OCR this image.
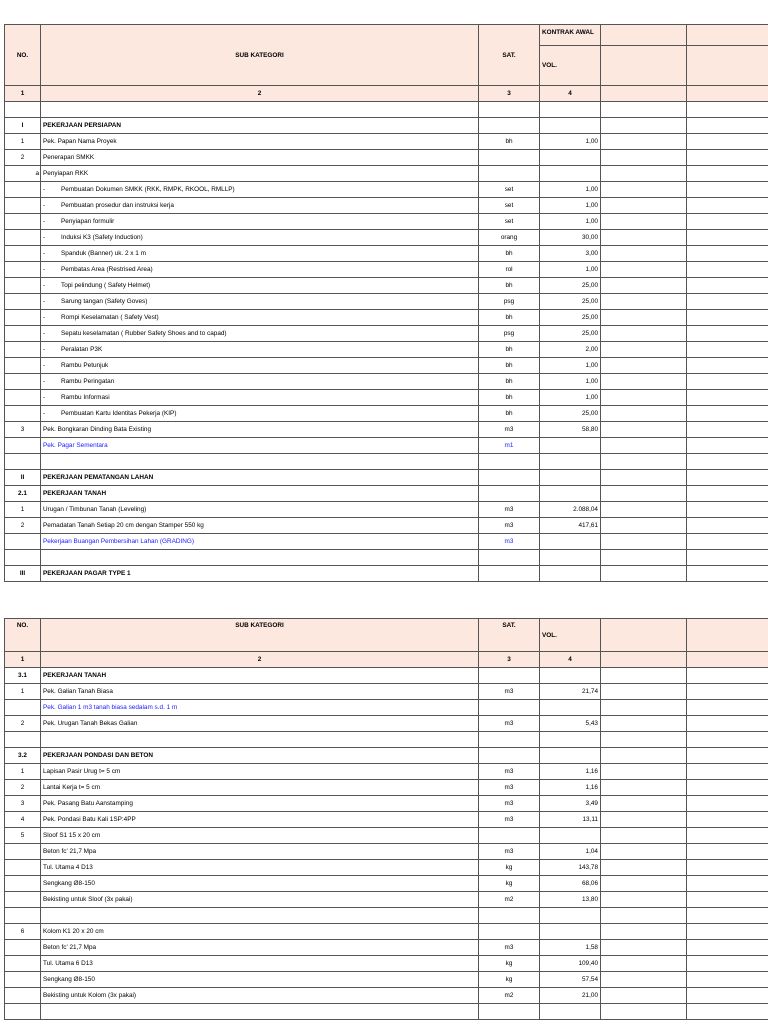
NO.	SUB KATEGORI	SAT.	KONTRAK AWAL		
			VOL.		
1	2	3	4		

I	PEKERJAAN PERSIAPAN				
1	Pek. Papan Nama Proyek	bh	1,00		
2	Penerapan SMKK				
a	Penyiapan RKK				
	- Pembuatan Dokumen SMKK (RKK, RMPK, RKOOL, RMLLP)	set	1,00		
	- Pembuatan prosedur dan instruksi kerja	set	1,00		
	- Penyiapan formulir	set	1,00		
	- Induksi K3 (Safety Induction)	orang	30,00		
	- Spanduk (Banner) uk. 2 x 1 m	bh	3,00		
	- Pembatas Area (Restrised Area)	rol	1,00		
	- Topi pelindung ( Safety Helmet)	bh	25,00		
	- Sarung tangan (Safety Goves)	psg	25,00		
	- Rompi Keselamatan ( Safety Vest)	bh	25,00		
	- Sepatu keselamatan ( Rubber Safety Shoes and to capad)	psg	25,00		
	- Peralatan P3K	bh	2,00		
	- Rambu Petunjuk	bh	1,00		
	- Rambu Peringatan	bh	1,00		
	- Rambu Informasi	bh	1,00		
	- Pembuatan Kartu Identitas Pekerja (KIP)	bh	25,00		
3	Pek. Bongkaran Dinding Bata Existing	m3	58,80		
	Pek. Pagar Sementara	m1			

II	PEKERJAAN PEMATANGAN LAHAN				
2.1	PEKERJAAN TANAH				
1	Urugan / Timbunan Tanah (Leveling)	m3	2.088,04		
2	Pemadatan Tanah Setiap 20 cm dengan Stamper 550 kg	m3	417,61		
	Pekerjaan Buangan Pembersihan Lahan (GRADING)	m3			

III	PEKERJAAN PAGAR TYPE 1				
NO.	SUB KATEGORI	SAT.	VOL.		
1	2	3	4		
3.1	PEKERJAAN TANAH				
1	Pek. Galian Tanah Biasa	m3	21,74		
	Pek. Galian 1 m3 tanah biasa sedalam s.d. 1 m				
2	Pek. Urugan Tanah Bekas Galian	m3	5,43		

3.2	PEKERJAAN PONDASI DAN BETON				
1	Lapisan Pasir Urug t= 5 cm	m3	1,16		
2	Lantai Kerja t= 5 cm	m3	1,16		
3	Pek. Pasang Batu Aanstamping	m3	3,49		
4	Pek. Pondasi Batu Kali 1SP:4PP	m3	13,11		
5	Sloof S1 15 x 20 cm				
	Beton fc' 21,7 Mpa	m3	1,04		
	Tul. Utama 4 D13	kg	143,78		
	Sengkang Ø8-150	kg	68,06		
	Bekisting untuk Sloof (3x pakai)	m2	13,80		

6	Kolom K1 20 x 20 cm				
	Beton fc' 21,7 Mpa	m3	1,58		
	Tul. Utama 6 D13	kg	109,40		
	Sengkang Ø8-150	kg	57,54		
	Bekisting untuk Kolom (3x pakai)	m2	21,00		
